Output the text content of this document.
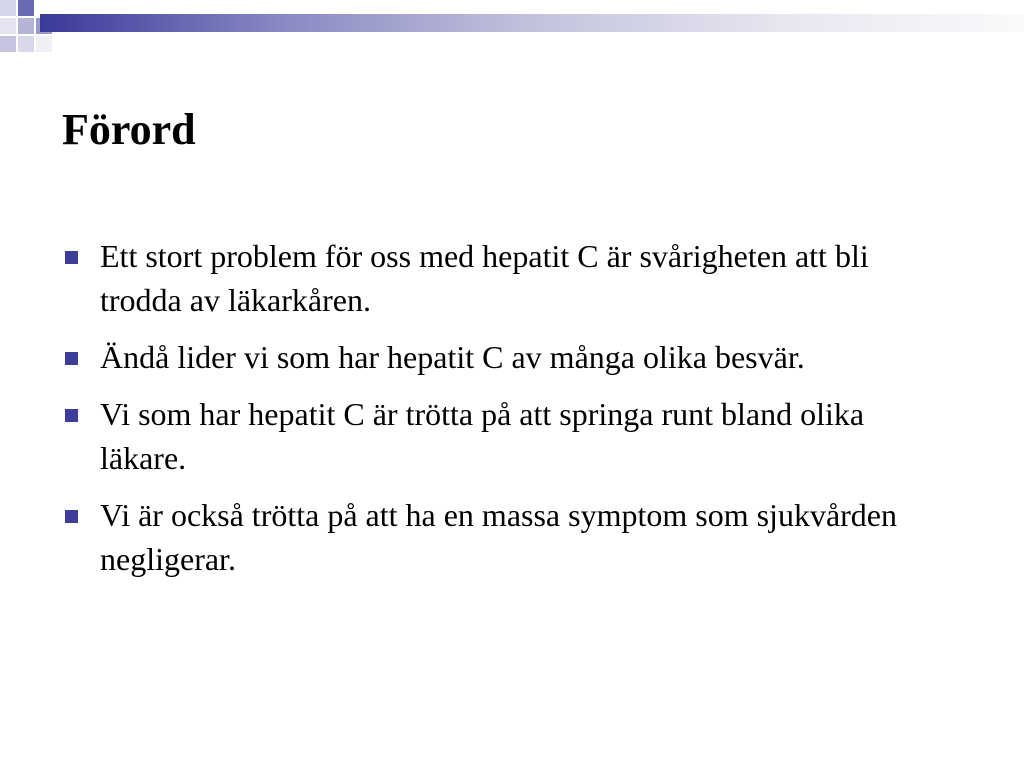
Förord
Ett stort problem för oss med hepatit C är svårigheten att bli trodda av läkarkåren.
Ändå lider vi som har hepatit C av många olika besvär.
Vi som har hepatit C är trötta på att springa runt bland olika läkare.
Vi är också trötta på att ha en massa symptom som sjukvården negligerar.
